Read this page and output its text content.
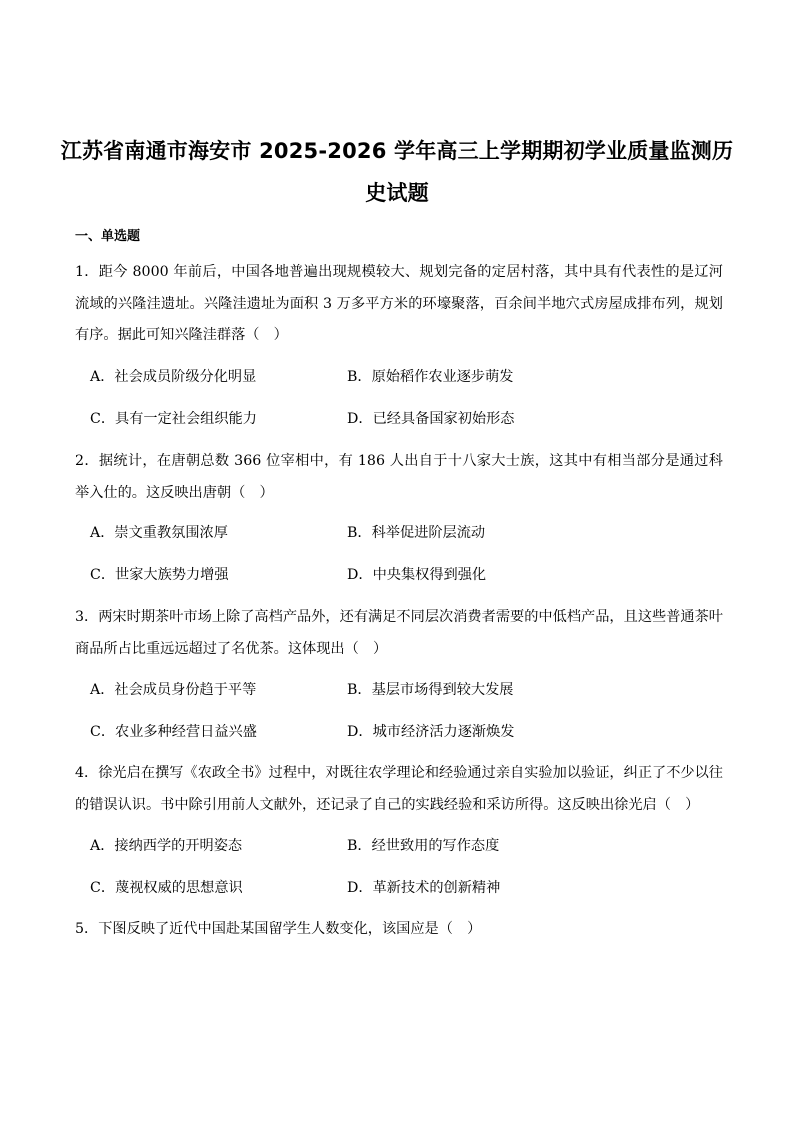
江苏省南通市海安市 2025-2026 学年高三上学期期初学业质量监测历史试题
一、单选题
1．距今 8000 年前后，中国各地普遍出现规模较大、规划完备的定居村落，其中具有代表性的是辽河流域的兴隆洼遗址。兴隆洼遗址为面积 3 万多平方米的环壕聚落，百余间半地穴式房屋成排布列，规划有序。据此可知兴隆洼群落（　）
A．社会成员阶级分化明显	B．原始稻作农业逐步萌发
C．具有一定社会组织能力	D．已经具备国家初始形态
2．据统计，在唐朝总数 366 位宰相中，有 186 人出自于十八家大士族，这其中有相当部分是通过科举入仕的。这反映出唐朝（　）
A．崇文重教氛围浓厚	B．科举促进阶层流动
C．世家大族势力增强	D．中央集权得到强化
3．两宋时期茶叶市场上除了高档产品外，还有满足不同层次消费者需要的中低档产品，且这些普通茶叶商品所占比重远远超过了名优茶。这体现出（　）
A．社会成员身份趋于平等	B．基层市场得到较大发展
C．农业多种经营日益兴盛	D．城市经济活力逐渐焕发
4．徐光启在撰写《农政全书》过程中，对既往农学理论和经验通过亲自实验加以验证，纠正了不少以往的错误认识。书中除引用前人文献外，还记录了自己的实践经验和采访所得。这反映出徐光启（　）
A．接纳西学的开明姿态	B．经世致用的写作态度
C．蔑视权威的思想意识	D．革新技术的创新精神
5．下图反映了近代中国赴某国留学生人数变化，该国应是（　）
